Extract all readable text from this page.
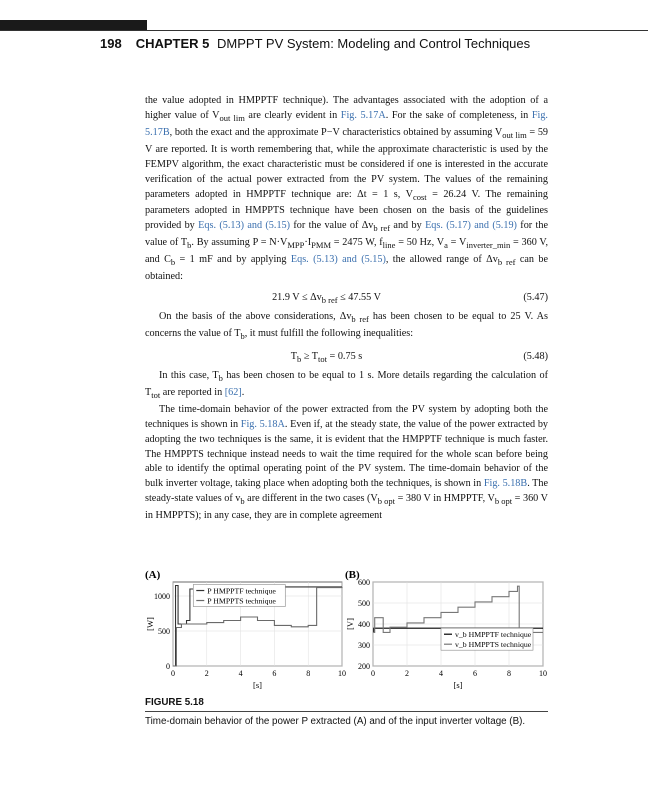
198 CHAPTER 5 DMPPT PV System: Modeling and Control Techniques

the value adopted in HMPPTF technique). The advantages associated with the adoption of a higher value of $V_{out lim}$ are clearly evident in Fig. 5.17A. For the sake of completeness, in Fig. 5.17B, both the exact and the approximate P−V characteristics obtained by assuming $V_{out lim} = 59$ V are reported. It is worth remembering that, while the approximate characteristic is used by the FEMPV algorithm, the exact characteristic must be considered if one is interested in the accurate verification of the actual power extracted from the PV system. The values of the remaining parameters adopted in HMPPTF technique are: Δt = 1 s, $V_{cost} = 26.24$ V. The remaining parameters adopted in HMPPTS technique have been chosen on the basis of the guidelines provided by Eqs. (5.13) and (5.15) for the value of $\Delta v_{b ref}$ and by Eqs. (5.17) and (5.19) for the value of $T_b$. By assuming $P = N\cdot V_{MPP}\cdot I_{PMM} = 2475$ W, $f_{line} = 50$ Hz, $V_a = V_{inverter\_min} = 360$ V, and $C_b = 1$ mF and by applying Eqs. (5.13) and (5.15), the allowed range of $\Delta v_{b ref}$ can be obtained:

21.9 $V \le \Delta v_{b ref} \le 47.55$ V	(5.47)

On the basis of the above considerations, $\Delta v_{b ref}$ has been chosen to be equal to 25 V. As concerns the value of $T_b$, it must fulfill the following inequalities:

$T_b \ge T_{tot} = 0.75$ s	(5.48)

In this case, $T_b$ has been chosen to be equal to 1 s. More details regarding the calculation of $T_{tot}$ are reported in [62].

The time-domain behavior of the power extracted from the PV system by adopting both the techniques is shown in Fig. 5.18A. Even if, at the steady state, the value of the power extracted by adopting the two techniques is the same, it is evident that the HMPPTF technique is much faster. The HMPPTS technique instead needs to wait the time required for the whole scan before being able to identify the optimal operating point of the PV system. The time-domain behavior of the bulk inverter voltage, taking place when adopting both the techniques, is shown in Fig. 5.18B. The steady-state values of $v_b$ are different in the two cases ($V_{b opt} = 380$ V in HMPPTF, $V_{b opt} = 360$ V in HMPPTS); in any case, they are in complete agreement

(A)
0	2	4	6	8	10
0
500
1000
[s]
[W]
P HMPPTF technique
P HMPPTS technique
(B)
0	2	4	6	8	10
200
300
400
500
600
[s]
[V]
v_b HMPPTF technique
v_b HMPPTS technique
FIGURE 5.18
Time-domain behavior of the power P extracted (A) and of the input inverter voltage (B).
